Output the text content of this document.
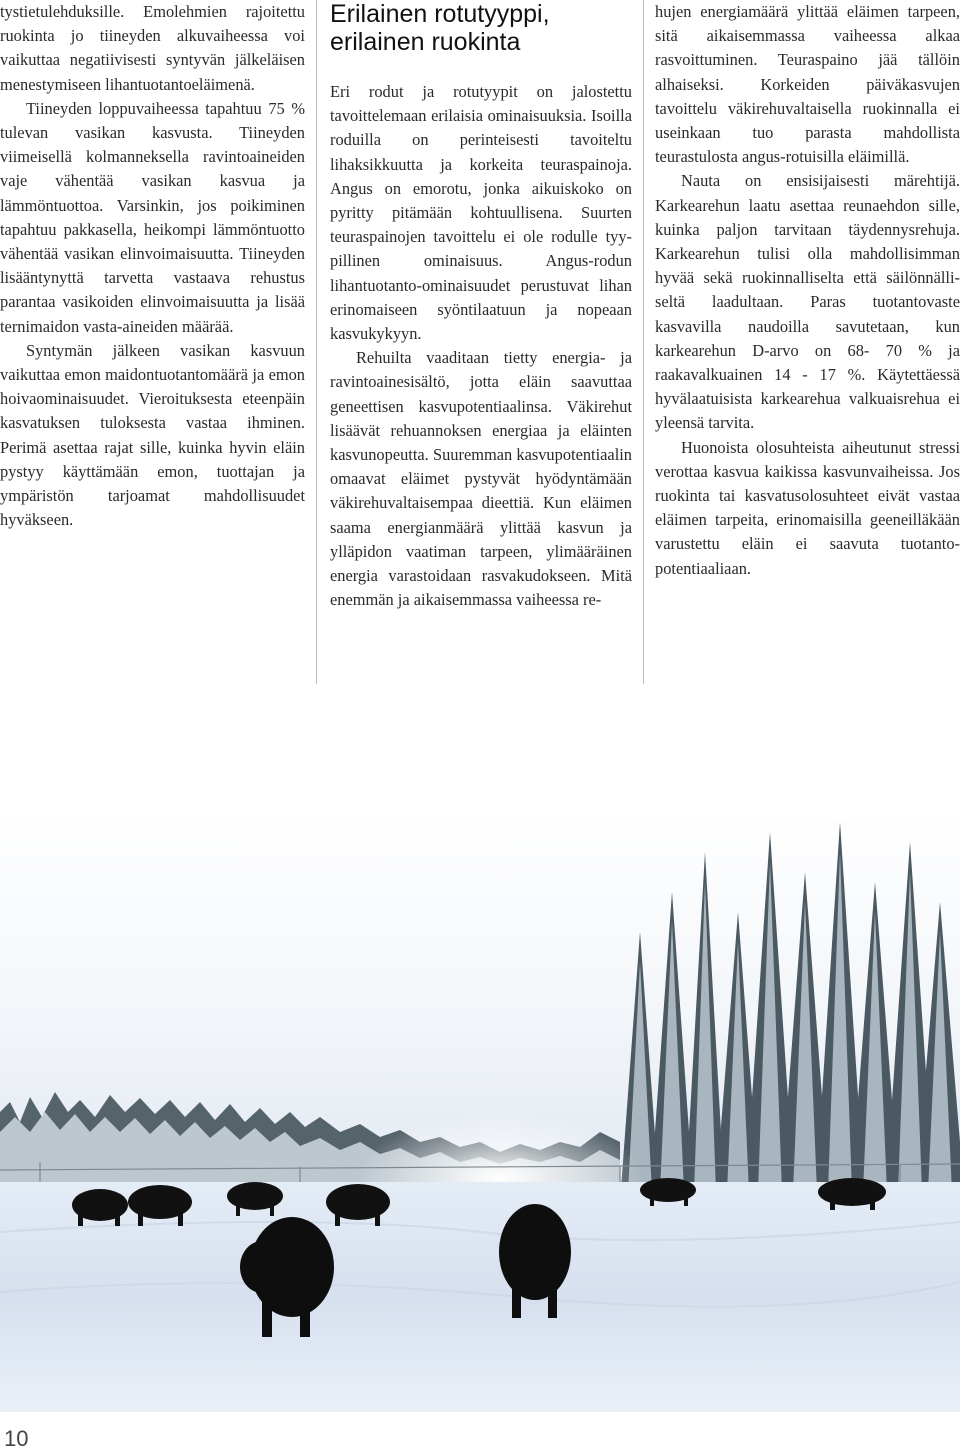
tystietulehduksille. Emolehmien rajoitettu ruokinta jo tiineyden alkuvaiheessa voi vaikuttaa negatiivisesti syntyvän jälkeläisen menestymiseen lihantuotantoeläimenä.

Tiineyden loppuvaiheessa tapahtuu 75 % tulevan vasikan kasvusta. Tiineyden viimeisellä kolmanneksella ravintoaineiden vaje vähentää vasikan kasvua ja lämmöntuottoa. Varsinkin, jos poikiminen tapahtuu pakkasella, heikompi lämmöntuotto vähentää vasikan elinvoimaisuutta. Tiineyden lisääntynyttä tarvetta vastaava rehustus parantaa vasikoiden elinvoimaisuutta ja lisää ternimaidon vasta-aineiden määrää.

Syntymän jälkeen vasikan kasvuun vaikuttaa emon maidontuotantomäärä ja emon hoivaominaisuudet. Vieroituksesta eteenpäin kasvatuksen tuloksesta vastaa ihminen. Perimä asettaa rajat sille, kuinka hyvin eläin pystyy käyttämään emon, tuottajan ja ympäristön tarjoamat mahdollisuudet hyväkseen.

Erilainen rotutyyppi, erilainen ruokinta

Eri rodut ja rotutyypit on jalostettu tavoittelemaan erilaisia ominaisuuksia. Isoilla roduilla on perinteisesti tavoiteltu lihaksikkuutta ja korkeita teuraspainoja. Angus on emorotu, jonka aikuiskoko on pyritty pitämään kohtuullisena. Suurten teuraspainojen tavoittelu ei ole rodulle tyypillinen ominaisuus. Angus-rodun lihantuotanto-ominaisuudet perustuvat lihan erinomaiseen syöntilaatuun ja nopeaan kasvukykyyn.

Rehuilta vaaditaan tietty energia- ja ravintoainesisältö, jotta eläin saavuttaa geneettisen kasvupotentiaalinsa. Väkirehut lisäävät rehuannoksen energiaa ja eläinten kasvunopeutta. Suuremman kasvupotentiaalin omaavat eläimet pystyvät hyödyntämään väkirehuvaltaisempaa dieettiä. Kun eläimen saama energianmäärä ylittää kasvun ja ylläpidon vaatiman tarpeen, ylimääräinen energia varastoidaan rasvakudokseen. Mitä enemmän ja aikaisemmassa vaiheessa re-

hujen energiamäärä ylittää eläimen tarpeen, sitä aikaisemmassa vaiheessa alkaa rasvoittuminen. Teuraspaino jää tällöin alhaiseksi. Korkeiden päiväkasvujen tavoittelu väkirehuvaltaisella ruokinnalla ei useinkaan tuo parasta mahdollista teurastulosta angus-rotuisilla eläimillä.

Nauta on ensisijaisesti märehtijä. Karkearehun laatu asettaa reunaehdon sille, kuinka paljon tarvitaan täydennysrehuja. Karkearehun tulisi olla mahdollisimman hyvää sekä ruokinnalliselta että säilönnälliseltä laadultaan. Paras tuotantovaste kasvavilla naudoilla savutetaan, kun karkearehun D-arvo on 68- 70 % ja raakavalkuainen 14 - 17 %. Käytettäessä hyvälaatuisista karkearehua valkuaisrehua ei yleensä tarvita.

Huonoista olosuhteista aiheutunut stressi verottaa kasvua kaikissa kasvunvaiheissa. Jos ruokinta tai kasvatusolosuhteet eivät vastaa eläimen tarpeita, erinomaisilla geeneilläkään varustettu eläin ei saavuta tuotantopotentiaaliaan.

10
